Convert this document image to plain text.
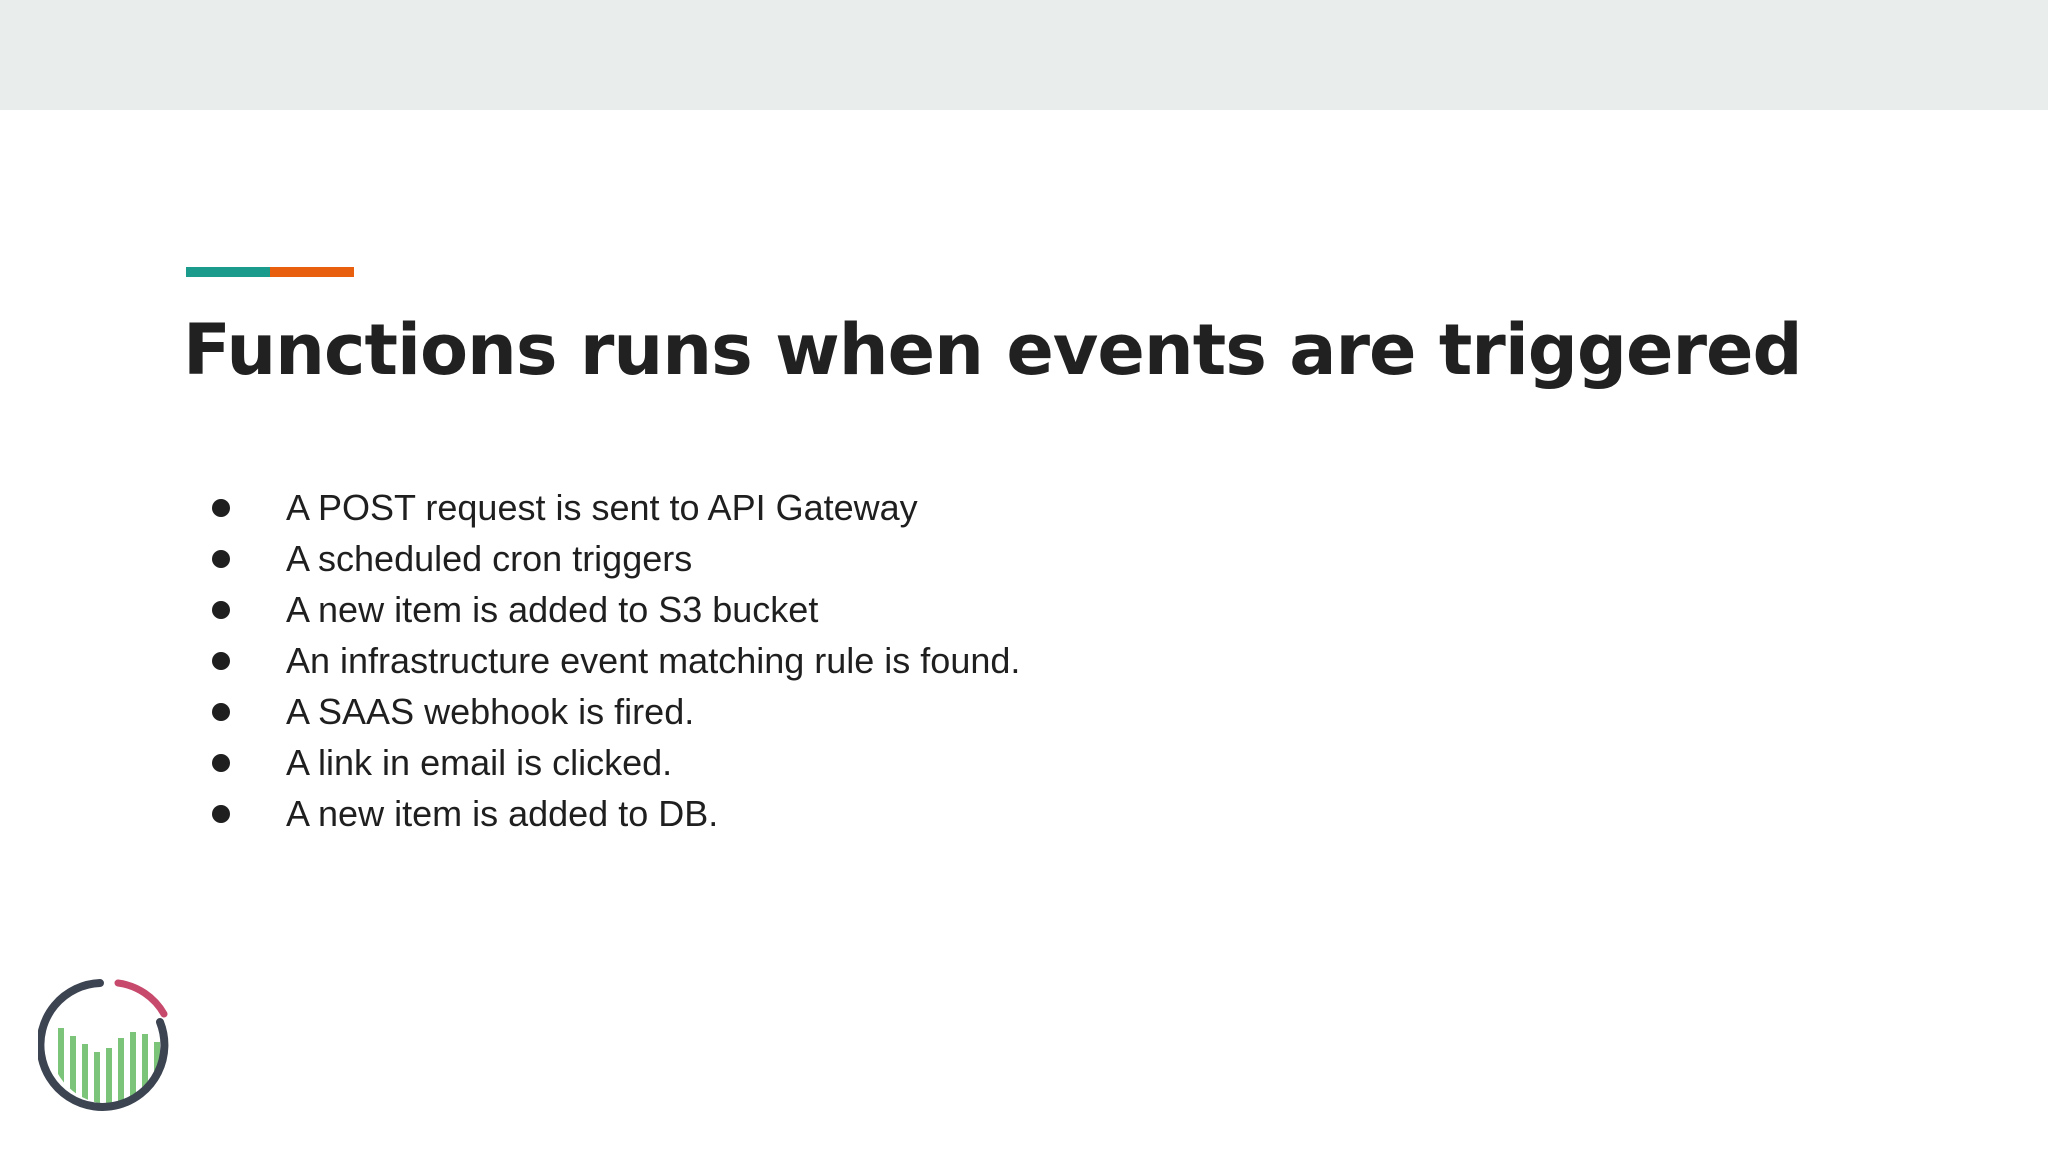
Functions runs when events are triggered
A POST request is sent to API Gateway
A scheduled cron triggers
A new item is added to S3 bucket
An infrastructure event matching rule is found.
A SAAS webhook is fired.
A link in email is clicked.
A new item is added to DB.
